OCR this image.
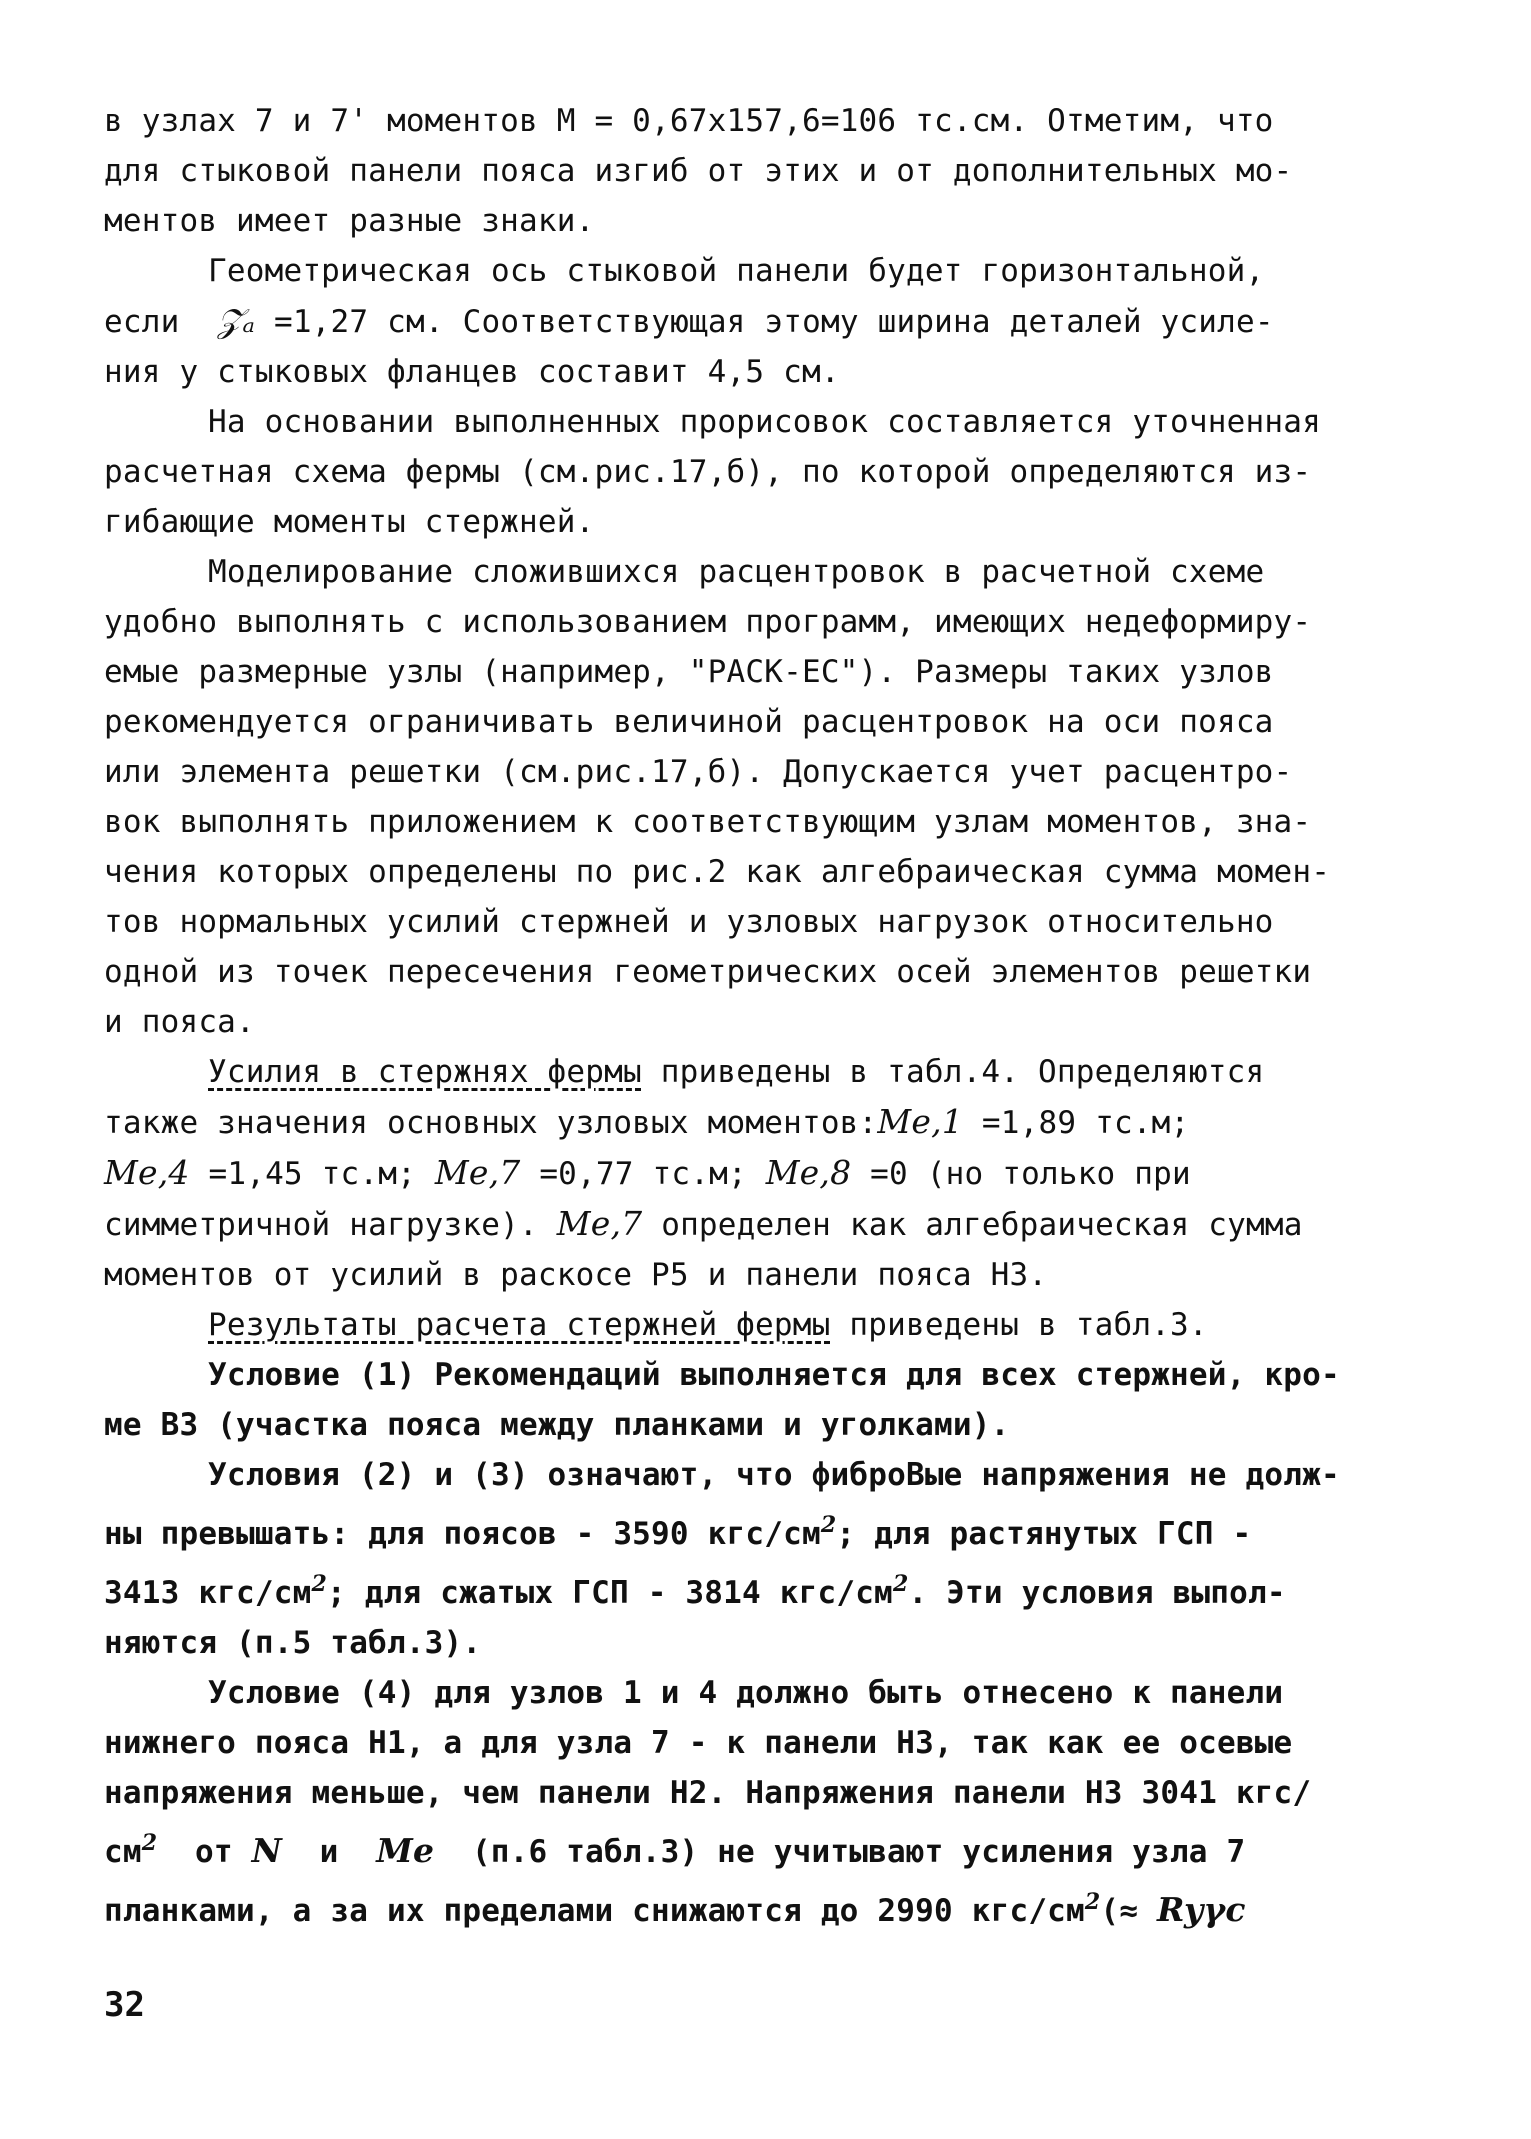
в узлах 7 и 7' моментов М = 0,67х157,6=106 тс.см. Отметим, что
для стыковой панели пояса изгиб от этих и от дополнительных мо-
ментов имеет разные знаки.

Геометрическая ось стыковой панели будет горизонтальной,
если  𝒵ₐ =1,27 см. Соответствующая этому ширина деталей усиле-
ния у стыковых фланцев составит 4,5 см.

На основании выполненных прорисовок составляется уточненная
расчетная схема фермы (см.рис.17,б), по которой определяются из-
гибающие моменты стержней.

Моделирование сложившихся расцентровок в расчетной схеме
удобно выполнять с использованием программ, имеющих недеформиру-
емые размерные узлы (например, "РАСК-ЕС"). Размеры таких узлов
рекомендуется ограничивать величиной расцентровок на оси пояса
или элемента решетки (см.рис.17,б). Допускается учет расцентро-
вок выполнять приложением к соответствующим узлам моментов, зна-
чения которых определены по рис.2 как алгебраическая сумма момен-
тов нормальных усилий стержней и узловых нагрузок относительно
одной из точек пересечения геометрических осей элементов решетки
и пояса.

Усилия в стержнях фермы приведены в табл.4. Определяются
также значения основных узловых моментов:Me,1 =1,89 тс.м;
Me,4 =1,45 тс.м; Me,7 =0,77 тс.м; Me,8 =0 (но только при
симметричной нагрузке). Me,7 определен как алгебраическая сумма
моментов от усилий в раскосе Р5 и панели пояса Н3.

Результаты расчета стержней фермы приведены в табл.3.

Условие (1) Рекомендаций выполняется для всех стержней, кро-
ме В3 (участка пояса между планками и уголками).

Условия (2) и (3) означают, что фиброВые напряжения не долж-
ны превышать: для поясов - 3590 кгс/$см^2$; для растянутых ГСП -
3413 кгс/$см^2$; для сжатых ГСП - 3814 кгс/$см^2$. Эти условия выпол-
няются (п.5 табл.3).

Условие (4) для узлов 1 и 4 должно быть отнесено к панели
нижнего пояса Н1, а для узла 7 - к панели Н3, так как ее осевые
напряжения меньше, чем панели Н2. Напряжения панели Н3 3041 кгс/
$см^2$  от N  и  Me  (п.6 табл.3) не учитывают усиления узла 7
планками, а за их пределами снижаются до 2990 кгс/$см^2(\approx Ry\gamma c$

32
